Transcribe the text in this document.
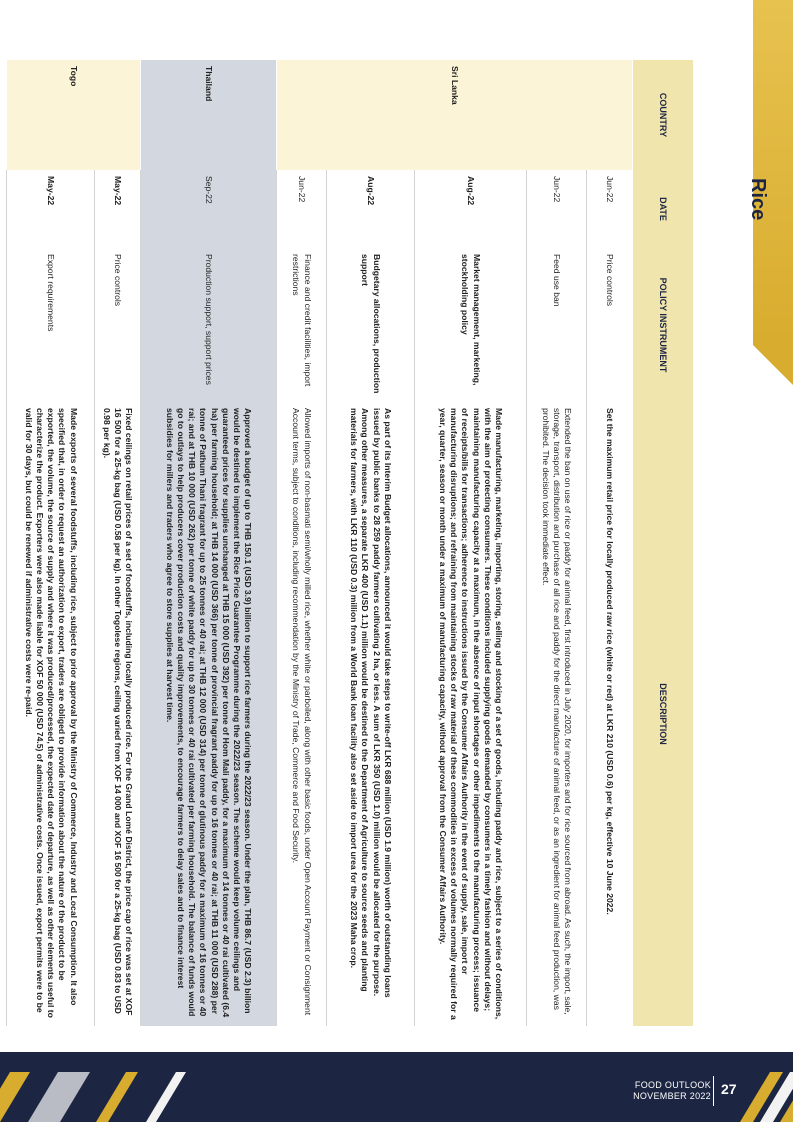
Rice
COUNTRY	DATE	POLICY INSTRUMENT	DESCRIPTION
Sri Lanka	Jun-22	Price controls	Set the maximum retail price for locally produced raw rice (white or red) at LKR 210 (USD 0.6) per kg, effective 10 June 2022.
	Jun-22	Feed use ban	Extended the ban on use of rice or paddy for animal feed, first introduced in July 2020, for importers and for rice sourced from abroad. As such, the import, sale, storage, transport, distribution and purchase of all rice and paddy for the direct manufacture of animal feed, or as an ingredient for animal feed production, was prohibited. The decision took immediate effect.
	Aug-22	Market management, marketing, stockholding policy	Made manufacturing, marketing, importing, storing, selling and stocking of a set of goods, including paddy and rice, subject to a series of conditions, with the aim of protecting consumers. These conditions included supplying goods demanded by consumers in a timely fashion and without delays; maintaining manufacturing capacity at a maximum, in the absence of input shortages or other impediments to the manufacturing process; issuance of receipts/bills for transactions; adherence to instructions issued by the Consumer Affairs Authority in the event of supply, sale, import or manufacturing disruptions; and refraining from maintaining stocks of raw material of these commodities in excess of volumes normally required for a year, quarter, season or month under a maximum of manufacturing capacity, without approval from the Consumer Affairs Authority.
	Aug-22	Budgetary allocations, production support	As part of its Interim Budget allocations, announced it would take steps to write-off LKR 688 million (USD 1.9 million) worth of outstanding loans issued by public banks to 28 259 paddy farmers cultivating 2 ha, or less. A sum of LKR 350 (USD 1.0) million would be allocated for the purpose. Among other measures, a separate LKR 400 (USD 1.1) million would be destined to the Department of Agriculture to source seeds and planting materials for farmers, with LKR 110 (USD 0.3) million from a World Bank loan facility also set aside to import urea for the 2023 Maha crop.
	Jun-22	Finance and credit facilities, import restrictions	Allowed imports of non-basmati semi/wholly milled rice, whether white or parboiled, along with other basic foods, under Open Account Payment or Consignment Account terms, subject to conditions, including recommendation by the Ministry of Trade, Commerce and Food Security.
Thailand	Sep-22	Production support, support prices	Approved a budget of up to THB 150.1 (USD 3.9) billion to support rice farmers during the 2022/23 season. Under the plan, THB 86.7 (USD 2.3) billion would be destined to implement the Rice Price Guarantee Programme during the 2022/23 season. The scheme would keep volume ceilings and guaranteed prices for supplies unchanged at THB 15 000 (USD 392) per tonne of Hom Mali paddy, for a maximum of 14 tonnes or 40 rai cultivated (6.4 ha) per farming household; at THB 14 000 (USD 366) per tonne of provincial fragrant paddy for up to 16 tonnes or 40 rai; at THB 11 000 (USD 288) per tonne of Pathum Thani fragrant for up to 25 tonnes or 40 rai; at THB 12 000 (USD 314) per tonne of glutinous paddy for a maximum of 16 tonnes or 40 rai; and at THB 10 000 (USD 262) per tonne of white paddy for up to 30 tonnes or 40 rai cultivated per farming household. The balance of funds would go to outlays to help producers cover production costs and quality improvements, to encourage farmers to delay sales and to finance interest subsidies for millers and traders who agree to store supplies at harvest time.
Togo	May-22	Price controls	Fixed ceilings on retail prices of a set of foodstuffs, including locally produced rice. For the Grand Lomé District, the price cap of rice was set at XOF 16 500 for a 25-kg bag (USD 0.58 per kg). In other Togolese regions, ceiling varied from XOF 14 000 and XOF 16 500 for a 25-kg bag (USD 0.83 to USD 0.98 per kg).
	May-22	Export requirements	Made exports of several foodstuffs, including rice, subject to prior approval by the Ministry of Commerce, Industry and Local Consumption. It also specified that, in order to request an authorization to export, traders are obliged to provide information about the nature of the product to be exported, the volume, the source of supply and where it was produced/processed, the expected date of departure, as well as other elements useful to characterize the product. Exporters were also made liable for XOF 50 000 (USD 74.5) of administrative costs. Once issued, export permits were to be valid for 30 days, but could be renewed if administrative costs were re-paid.
FOOD OUTLOOK
NOVEMBER 2022 27
